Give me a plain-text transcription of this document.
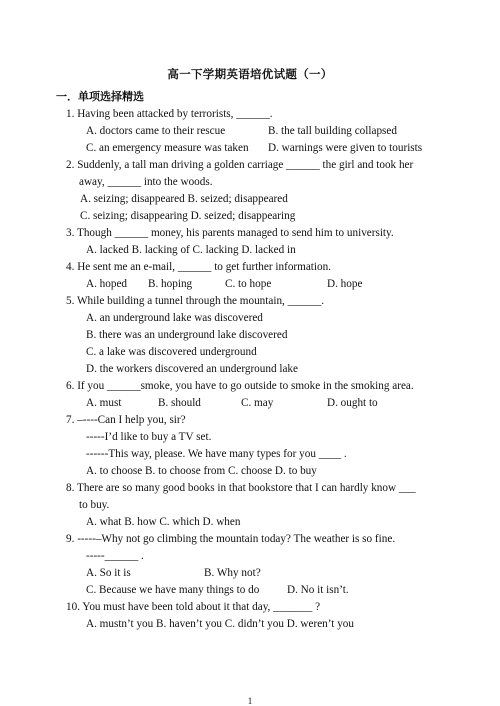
高一下学期英语培优试题（一）
一．单项选择精选
1. Having been attacked by terrorists, ______.
A. doctors came to their rescue	B. the tall building collapsed
C. an emergency measure was taken D. warnings were given to tourists
2. Suddenly, a tall man driving a golden carriage ______ the girl and took her
away, ______ into the woods.
A. seizing; disappeared B. seized; disappeared
C. seizing; disappearing D. seized; disappearing
3. Though ______ money, his parents managed to send him to university.
A. lacked B. lacking of C. lacking D. lacked in
4. He sent me an e-mail, ______ to get further information.
A. hoped B. hoping	C. to hope	D. hope
5. While building a tunnel through the mountain, ______.
A. an underground lake was discovered
B. there was an underground lake discovered
C. a lake was discovered underground
D. the workers discovered an underground lake
6. If you ______smoke, you have to go outside to smoke in the smoking area.
A. must	B. should	C. may	D. ought to
7. –----Can I help you, sir?
-----I’d like to buy a TV set.
------This way, please. We have many types for you ____ .
A. to choose B. to choose from C. choose D. to buy
8. There are so many good books in that bookstore that I can hardly know ___
to buy.
A. what B. how C. which D. when
9. -----–Why not go climbing the mountain today? The weather is so fine.
-----______ .
A. So it is	B. Why not?
C. Because we have many things to do D. No it isn’t.
10. You must have been told about it that day, _______ ?
A. mustn’t you B. haven’t you C. didn’t you D. weren’t you
1
